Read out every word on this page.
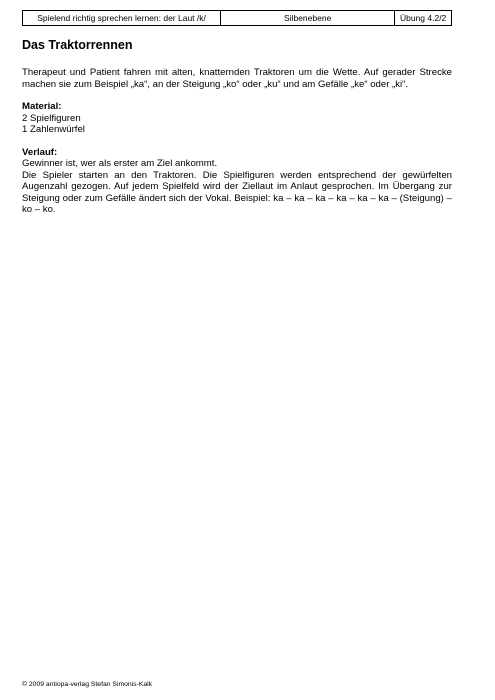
Spielend richtig sprechen lernen: der Laut /k/	Silbenebene	Übung 4.2/2
Das Traktorrennen

Therapeut und Patient fahren mit alten, knatternden Traktoren um die Wette. Auf gerader Strecke machen sie zum Beispiel „ka“, an der Steigung „ko“ oder „ku“ und am Gefälle „ke“ oder „ki“.

Material:

2 Spielfiguren

1 Zahlenwürfel

Verlauf:

Gewinner ist, wer als erster am Ziel ankommt.

Die Spieler starten an den Traktoren. Die Spielfiguren werden entsprechend der gewürfelten Augenzahl gezogen. Auf jedem Spielfeld wird der Ziellaut im Anlaut gesprochen. Im Übergang zur Steigung oder zum Gefälle ändert sich der Vokal. Beispiel: ka – ka – ka – ka – ka – ka – (Steigung) – ko – ko.

© 2009 antiopa-verlag Stefan Simonis-Kalk
